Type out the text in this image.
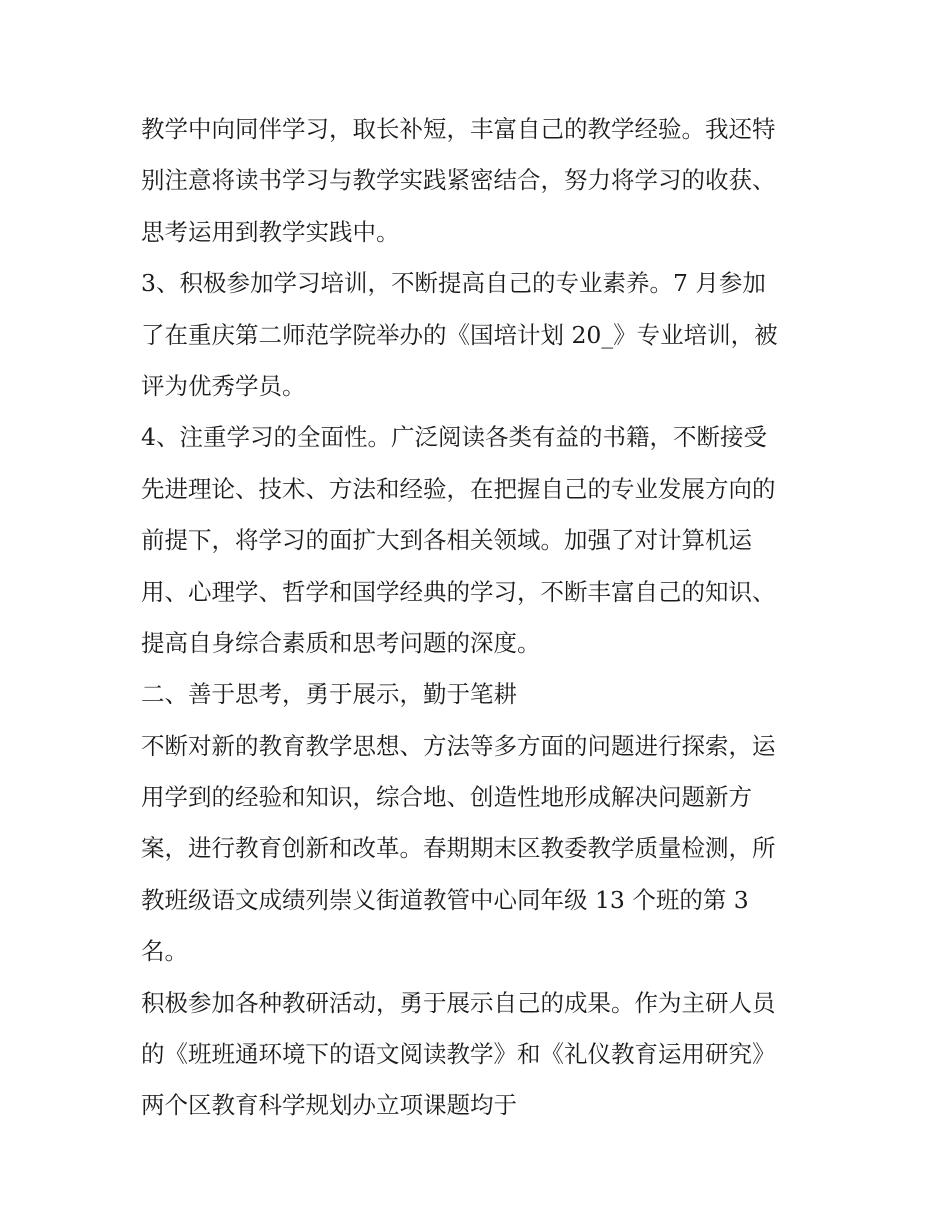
教学中向同伴学习，取长补短，丰富自己的教学经验。我还特
别注意将读书学习与教学实践紧密结合，努力将学习的收获、
思考运用到教学实践中。
3、积极参加学习培训，不断提高自己的专业素养。7 月参加
了在重庆第二师范学院举办的《国培计划 20_》专业培训，被
评为优秀学员。
4、注重学习的全面性。广泛阅读各类有益的书籍，不断接受
先进理论、技术、方法和经验，在把握自己的专业发展方向的
前提下，将学习的面扩大到各相关领域。加强了对计算机运
用、心理学、哲学和国学经典的学习，不断丰富自己的知识、
提高自身综合素质和思考问题的深度。
二、善于思考，勇于展示，勤于笔耕
不断对新的教育教学思想、方法等多方面的问题进行探索，运
用学到的经验和知识，综合地、创造性地形成解决问题新方
案，进行教育创新和改革。春期期末区教委教学质量检测，所
教班级语文成绩列崇义街道教管中心同年级 13 个班的第 3
名。
积极参加各种教研活动，勇于展示自己的成果。作为主研人员
的《班班通环境下的语文阅读教学》和《礼仪教育运用研究》
两个区教育科学规划办立项课题均于
